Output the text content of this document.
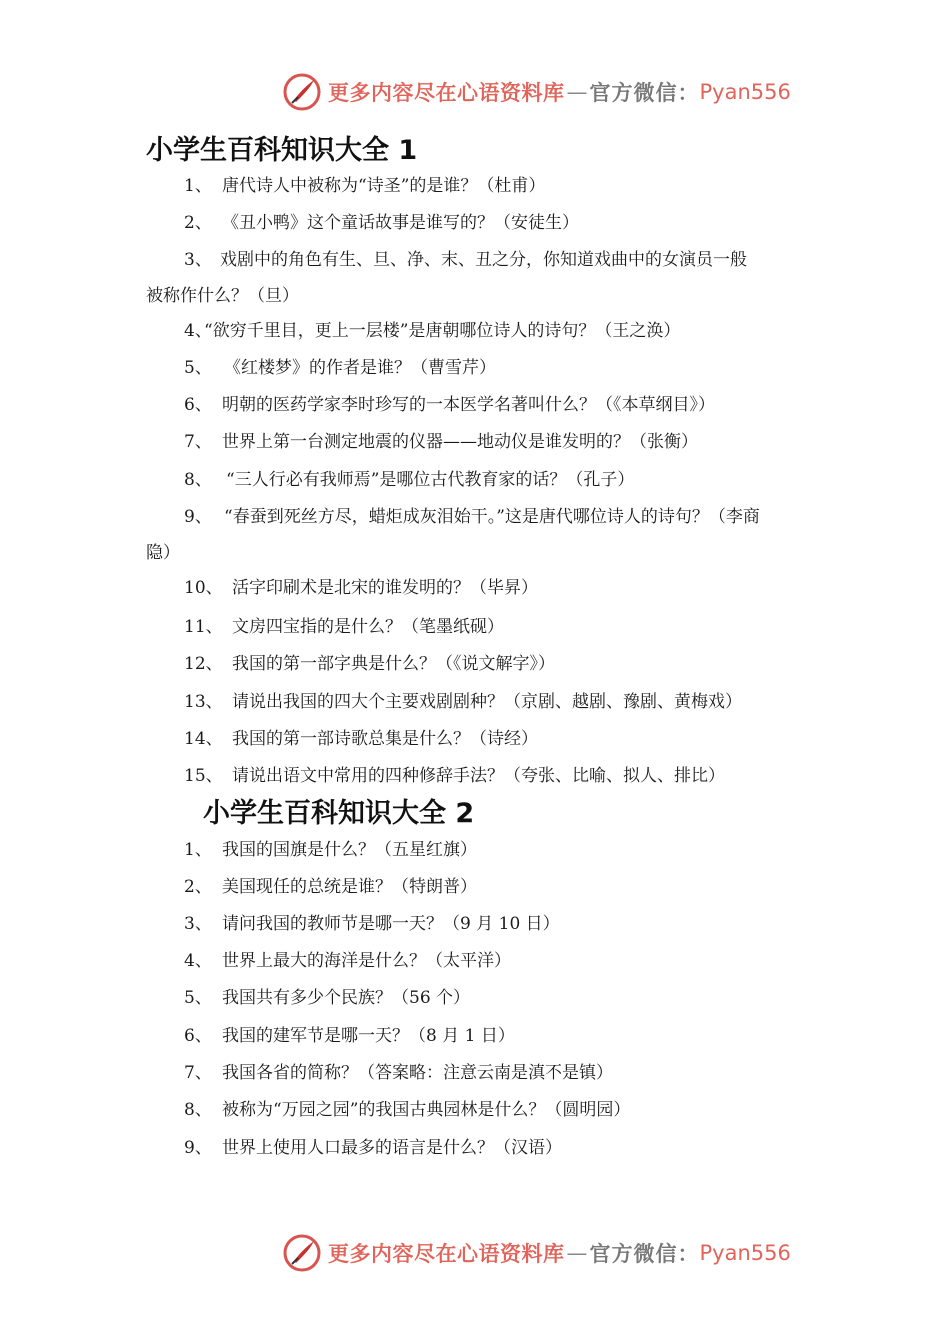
更多内容尽在心语资料库 — 官方微信： Pyan556
小学生百科知识大全 1
1、 唐代诗人中被称为“诗圣”的是谁？（杜甫）
2、 《丑小鸭》这个童话故事是谁写的？（安徒生）
3、 戏剧中的角色有生、旦、净、末、丑之分，你知道戏曲中的女演员一般
被称作什么？（旦）
4、“欲穷千里目，更上一层楼”是唐朝哪位诗人的诗句？（王之涣）
5、 《红楼梦》的作者是谁？（曹雪芹）
6、 明朝的医药学家李时珍写的一本医学名著叫什么？（《本草纲目》）
7、 世界上第一台测定地震的仪器——地动仪是谁发明的？（张衡）
8、 “三人行必有我师焉”是哪位古代教育家的话？（孔子）
9、 “春蚕到死丝方尽，蜡炬成灰泪始干。”这是唐代哪位诗人的诗句？（李商
隐）
10、 活字印刷术是北宋的谁发明的？（毕昇）
11、 文房四宝指的是什么？（笔墨纸砚）
12、 我国的第一部字典是什么？（《说文解字》）
13、 请说出我国的四大个主要戏剧剧种？（京剧、越剧、豫剧、黄梅戏）
14、 我国的第一部诗歌总集是什么？（诗经）
15、 请说出语文中常用的四种修辞手法？（夸张、比喻、拟人、排比）
小学生百科知识大全 2
1、 我国的国旗是什么？（五星红旗）
2、 美国现任的总统是谁？（特朗普）
3、 请问我国的教师节是哪一天？（9 月 10 日）
4、 世界上最大的海洋是什么？（太平洋）
5、 我国共有多少个民族？（56 个）
6、 我国的建军节是哪一天？（8 月 1 日）
7、 我国各省的简称？（答案略：注意云南是滇不是镇）
8、 被称为“万园之园”的我国古典园林是什么？（圆明园）
9、 世界上使用人口最多的语言是什么？（汉语）
更多内容尽在心语资料库 — 官方微信： Pyan556
